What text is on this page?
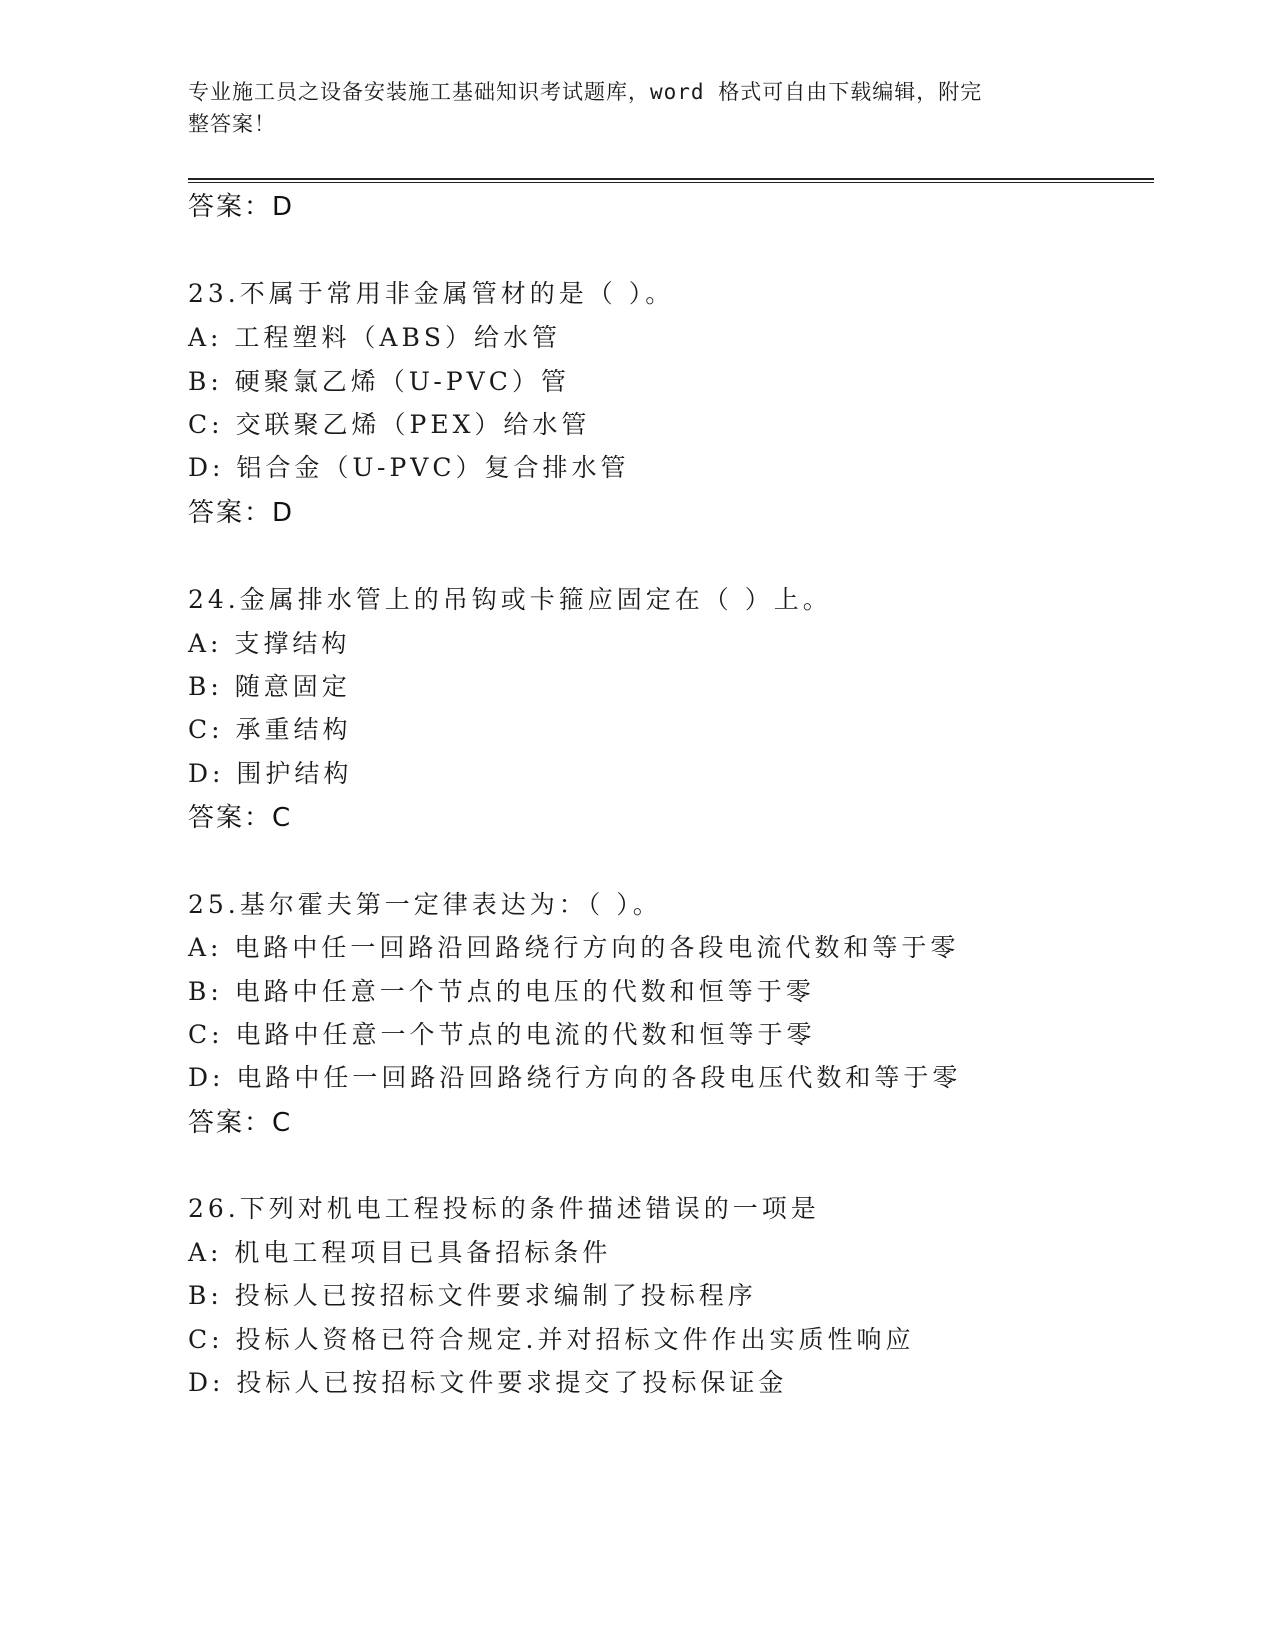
专业施工员之设备安装施工基础知识考试题库，word 格式可自由下载编辑，附完
整答案！
答案：D
23.不属于常用非金属管材的是（ ）。
A: 工程塑料（ABS）给水管
B: 硬聚氯乙烯（U-PVC）管
C: 交联聚乙烯（PEX）给水管
D: 铝合金（U-PVC）复合排水管
答案：D
24.金属排水管上的吊钩或卡箍应固定在（ ）上。
A: 支撑结构
B: 随意固定
C: 承重结构
D: 围护结构
答案：C
25.基尔霍夫第一定律表达为：（ ）。
A: 电路中任一回路沿回路绕行方向的各段电流代数和等于零
B: 电路中任意一个节点的电压的代数和恒等于零
C: 电路中任意一个节点的电流的代数和恒等于零
D: 电路中任一回路沿回路绕行方向的各段电压代数和等于零
答案：C
26.下列对机电工程投标的条件描述错误的一项是
A: 机电工程项目已具备招标条件
B: 投标人已按招标文件要求编制了投标程序
C: 投标人资格已符合规定.并对招标文件作出实质性响应
D: 投标人已按招标文件要求提交了投标保证金
